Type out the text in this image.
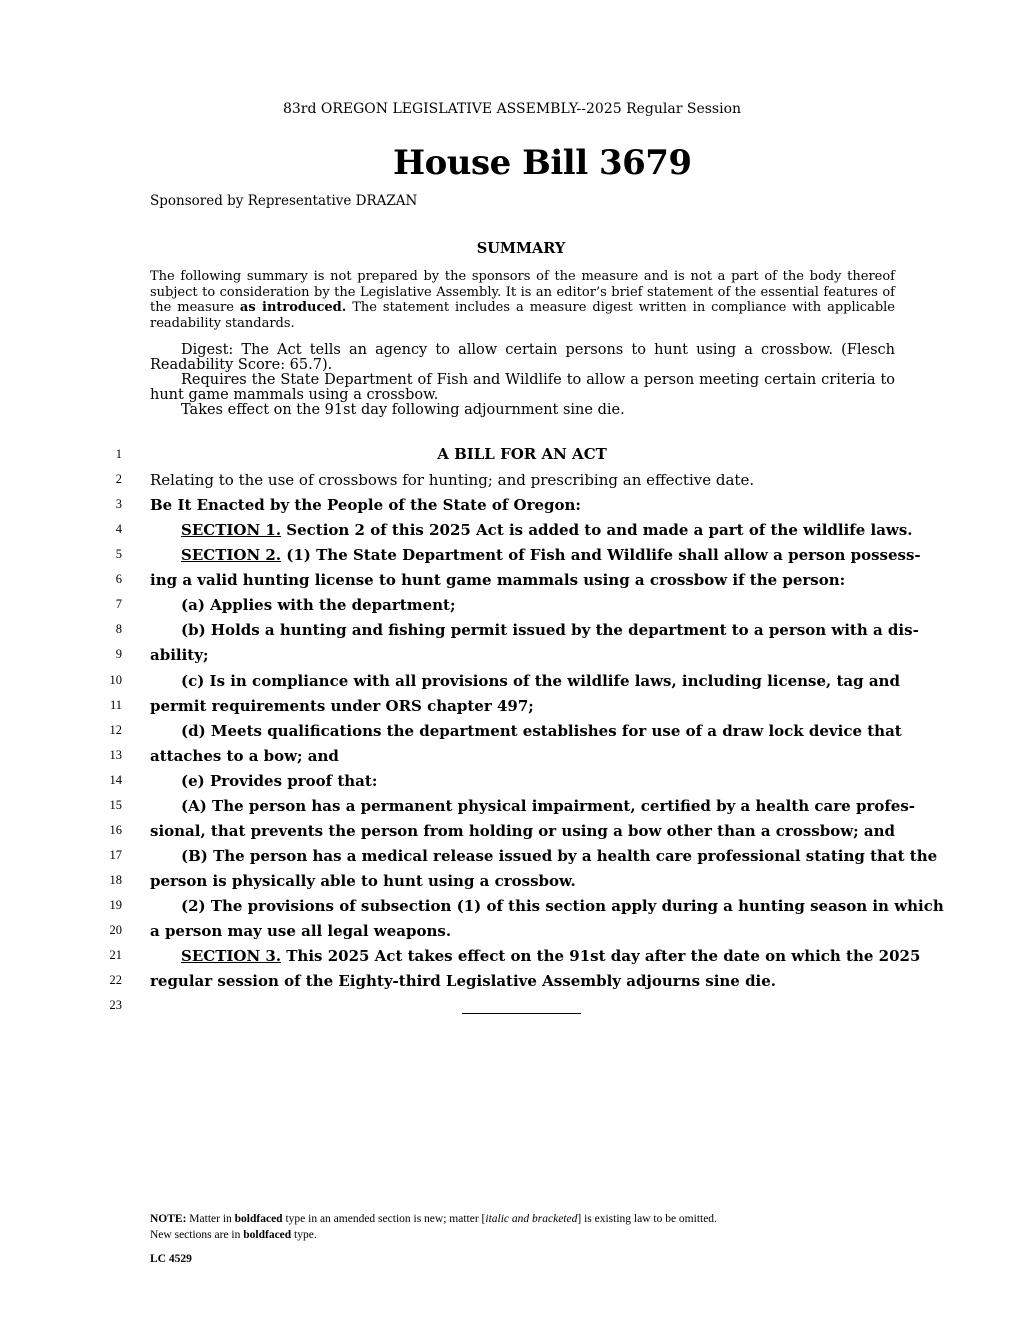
83rd OREGON LEGISLATIVE ASSEMBLY--2025 Regular Session
House Bill 3679
Sponsored by Representative DRAZAN
SUMMARY
The following summary is not prepared by the sponsors of the measure and is not a part of the body thereof subject to consideration by the Legislative Assembly. It is an editor’s brief statement of the essential features of the measure as introduced. The statement includes a measure digest written in compliance with applicable readability standards.

Digest: The Act tells an agency to allow certain persons to hunt using a crossbow. (Flesch Readability Score: 65.7).

Requires the State Department of Fish and Wildlife to allow a person meeting certain criteria to hunt game mammals using a crossbow.

Takes effect on the 91st day following adjournment sine die.

1
2
3
4
5
6
7
8
9
10
11
12
13
14
15
16
17
18
19
20
21
22
23
A BILL FOR AN ACT
Relating to the use of crossbows for hunting; and prescribing an effective date.
Be It Enacted by the People of the State of Oregon:
SECTION 1. Section 2 of this 2025 Act is added to and made a part of the wildlife laws.
SECTION 2. (1) The State Department of Fish and Wildlife shall allow a person possess-
ing a valid hunting license to hunt game mammals using a crossbow if the person:
(a) Applies with the department;
(b) Holds a hunting and fishing permit issued by the department to a person with a dis-
ability;
(c) Is in compliance with all provisions of the wildlife laws, including license, tag and
permit requirements under ORS chapter 497;
(d) Meets qualifications the department establishes for use of a draw lock device that
attaches to a bow; and
(e) Provides proof that:
(A) The person has a permanent physical impairment, certified by a health care profes-
sional, that prevents the person from holding or using a bow other than a crossbow; and
(B) The person has a medical release issued by a health care professional stating that the
person is physically able to hunt using a crossbow.
(2) The provisions of subsection (1) of this section apply during a hunting season in which
a person may use all legal weapons.
SECTION 3. This 2025 Act takes effect on the 91st day after the date on which the 2025
regular session of the Eighty-third Legislative Assembly adjourns sine die.
NOTE: Matter in boldfaced type in an amended section is new; matter [italic and bracketed] is existing law to be omitted.
New sections are in boldfaced type.
LC 4529
